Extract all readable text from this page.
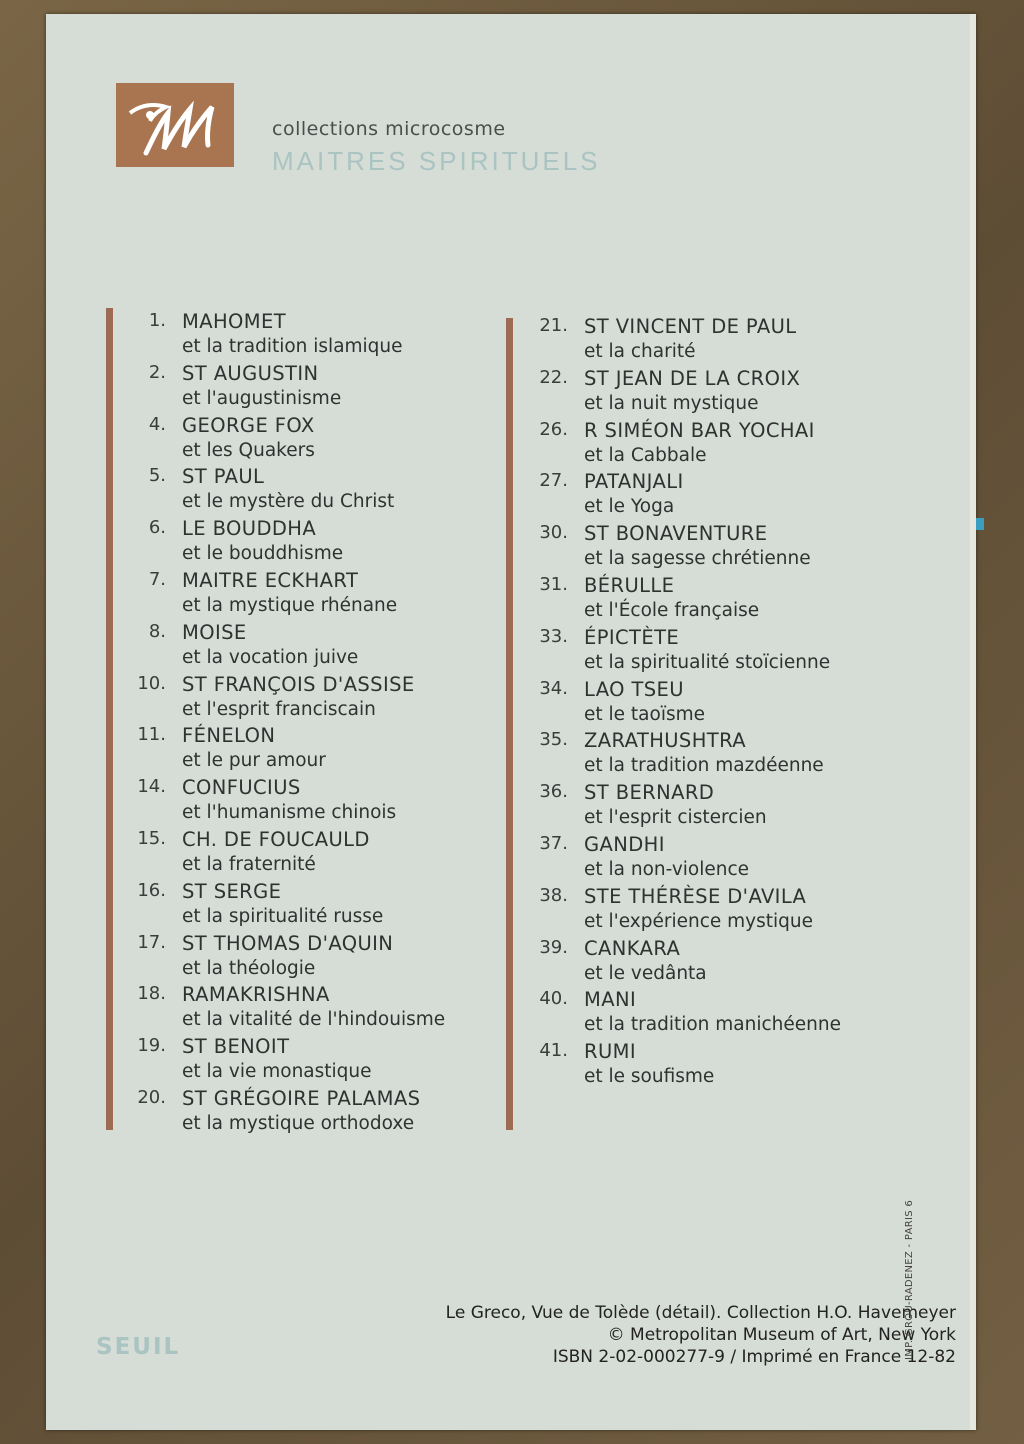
collections microcosme
MAITRES SPIRITUELS
1. MAHOMET
et la tradition islamique
2. ST AUGUSTIN
et l'augustinisme
4. GEORGE FOX
et les Quakers
5. ST PAUL
et le mystère du Christ
6. LE BOUDDHA
et le bouddhisme
7. MAITRE ECKHART
et la mystique rhénane
8. MOISE
et la vocation juive
10. ST FRANÇOIS D'ASSISE
et l'esprit franciscain
11. FÉNELON
et le pur amour
14. CONFUCIUS
et l'humanisme chinois
15. CH. DE FOUCAULD
et la fraternité
16. ST SERGE
et la spiritualité russe
17. ST THOMAS D'AQUIN
et la théologie
18. RAMAKRISHNA
et la vitalité de l'hindouisme
19. ST BENOIT
et la vie monastique
20. ST GRÉGOIRE PALAMAS
et la mystique orthodoxe
21. ST VINCENT DE PAUL
et la charité
22. ST JEAN DE LA CROIX
et la nuit mystique
26. R SIMÉON BAR YOCHAI
et la Cabbale
27. PATANJALI
et le Yoga
30. ST BONAVENTURE
et la sagesse chrétienne
31. BÉRULLE
et l'École française
33. ÉPICTÈTE
et la spiritualité stoïcienne
34. LAO TSEU
et le taoïsme
35. ZARATHUSHTRA
et la tradition mazdéenne
36. ST BERNARD
et l'esprit cistercien
37. GANDHI
et la non-violence
38. STE THÉRÈSE D'AVILA
et l'expérience mystique
39. CANKARA
et le vedânta
40. MANI
et la tradition manichéenne
41. RUMI
et le soufisme
Le Greco, Vue de Tolède (détail). Collection H.O. Havemeyer
© Metropolitan Museum of Art, New York
ISBN 2-02-000277-9 / Imprimé en France 12-82
SEUIL	IMP. GROU-RADENEZ - PARIS 6
